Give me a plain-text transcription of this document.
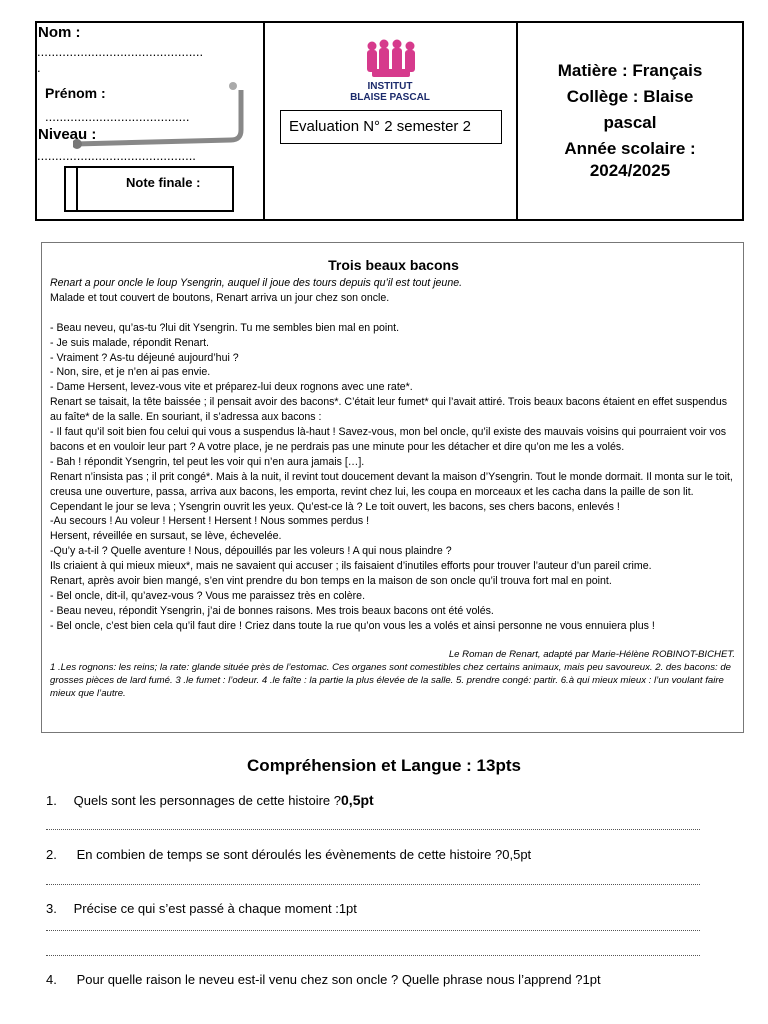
Nom :
..............................................
.
Prénom :
........................................
Niveau :
............................................
Note finale :
INSTITUT
BLAISE PASCAL
Evaluation N° 2 semester 2
Matière : Français
Collège : Blaise
pascal
Année scolaire :
2024/2025
Trois beaux bacons

Renart a pour oncle le loup Ysengrin, auquel il joue des tours depuis qu’il est tout jeune.

Malade et tout couvert de boutons, Renart arriva un jour chez son oncle.

- Beau neveu, qu’as-tu ?lui dit Ysengrin. Tu me sembles bien mal en point.

- Je suis malade, répondit Renart.

- Vraiment ? As-tu déjeuné aujourd’hui ?

- Non, sire, et je n’en ai pas envie.

- Dame Hersent, levez-vous vite et préparez-lui deux rognons avec une rate*.

Renart se taisait, la tête baissée ; il pensait avoir des bacons*. C’était leur fumet* qui l’avait attiré. Trois beaux bacons étaient en effet suspendus au faîte* de la salle. En souriant, il s’adressa aux bacons :

- Il faut qu’il soit bien fou celui qui vous a suspendus là-haut ! Savez-vous, mon bel oncle, qu’il existe des mauvais voisins qui pourraient voir vos bacons et en vouloir leur part ? A votre place, je ne perdrais pas une minute pour les détacher et dire qu’on me les a volés.

- Bah ! répondit Ysengrin, tel peut les voir qui n’en aura jamais […].

Renart n’insista pas ; il prit congé*. Mais à la nuit, il revint tout doucement devant la maison d’Ysengrin. Tout le monde dormait. Il monta sur le toit, creusa une ouverture, passa, arriva aux bacons, les emporta, revint chez lui, les coupa en morceaux et les cacha dans la paille de son lit.

Cependant le jour se leva ; Ysengrin ouvrit les yeux. Qu’est-ce là ? Le toit ouvert, les bacons, ses chers bacons, enlevés !

-Au secours ! Au voleur ! Hersent ! Hersent ! Nous sommes perdus !

Hersent, réveillée en sursaut, se lève, échevelée.

-Qu’y a-t-il ? Quelle aventure ! Nous, dépouillés par les voleurs ! A qui nous plaindre ?

Ils criaient à qui mieux mieux*, mais ne savaient qui accuser ; ils faisaient d’inutiles efforts pour trouver l’auteur d’un pareil crime.

Renart, après avoir bien mangé, s’en vint prendre du bon temps en la maison de son oncle qu’il trouva fort mal en point.

- Bel oncle, dit-il, qu’avez-vous ? Vous me paraissez très en colère.

- Beau neveu, répondit Ysengrin, j’ai de bonnes raisons. Mes trois beaux bacons ont été volés.

- Bel oncle, c’est bien cela qu’il faut dire ! Criez dans toute la rue qu’on vous les a volés et ainsi personne ne vous ennuiera plus !

Le Roman de Renart, adapté par Marie-Hélène ROBINOT-BICHET.
1 .Les rognons: les reins; la rate: glande située près de l’estomac. Ces organes sont comestibles chez certains animaux, mais peu savoureux. 2. des bacons: de grosses pièces de lard fumé. 3 .le fumet : l’odeur. 4 .le faîte : la partie la plus élevée de la salle. 5. prendre congé: partir. 6.à qui mieux mieux : l’un voulant faire mieux que l’autre.
Compréhension et Langue : 13pts
1. Quels sont les personnages de cette histoire ?0,5pt
2. En combien de temps se sont déroulés les évènements de cette histoire ?0,5pt
3. Précise ce qui s’est passé à chaque moment :1pt
4. Pour quelle raison le neveu est-il venu chez son oncle ? Quelle phrase nous l’apprend ?1pt
